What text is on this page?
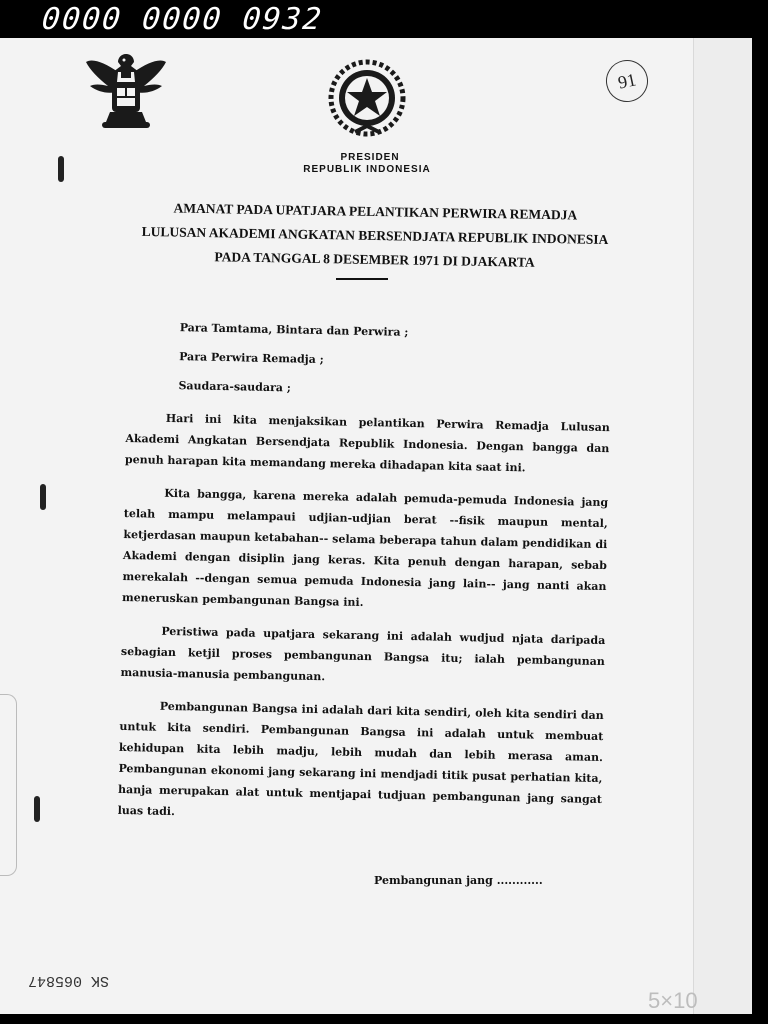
0000 0000 0932
91
PRESIDEN
REPUBLIK INDONESIA
AMANAT PADA UPATJARA PELANTIKAN PERWIRA REMADJA
LULUSAN AKADEMI ANGKATAN BERSENDJATA REPUBLIK INDONESIA
PADA TANGGAL 8 DESEMBER 1971 DI DJAKARTA
Para Tamtama, Bintara dan Perwira ;
Para Perwira Remadja ;
Saudara-saudara ;

Hari ini kita menjaksikan pelantikan Perwira Remadja Lulusan Akademi Angkatan Bersendjata Republik Indonesia. Dengan bangga dan penuh harapan kita memandang mereka dihadapan kita saat ini.

Kita bangga, karena mereka adalah pemuda-pemuda Indonesia jang telah mampu melampaui udjian-udjian berat --fisik maupun mental, ketjerdasan maupun ketabahan-- selama beberapa tahun dalam pendidikan di Akademi dengan disiplin jang keras. Kita penuh dengan harapan, sebab merekalah --dengan semua pemuda Indonesia jang lain-- jang nanti akan meneruskan pembangunan Bangsa ini.

Peristiwa pada upatjara sekarang ini adalah wudjud njata daripada sebagian ketjil proses pembangunan Bangsa itu; ialah pembangunan manusia-manusia pembangunan.

Pembangunan Bangsa ini adalah dari kita sendiri, oleh kita sendiri dan untuk kita sendiri. Pembangunan Bangsa ini adalah untuk membuat kehidupan kita lebih madju, lebih mudah dan lebih merasa aman. Pembangunan ekonomi jang sekarang ini mendjadi titik pusat perhatian kita, hanja merupakan alat untuk mentjapai tudjuan pembangunan jang sangat luas tadi.

Pembangunan jang ............
SK 065847
5×10
